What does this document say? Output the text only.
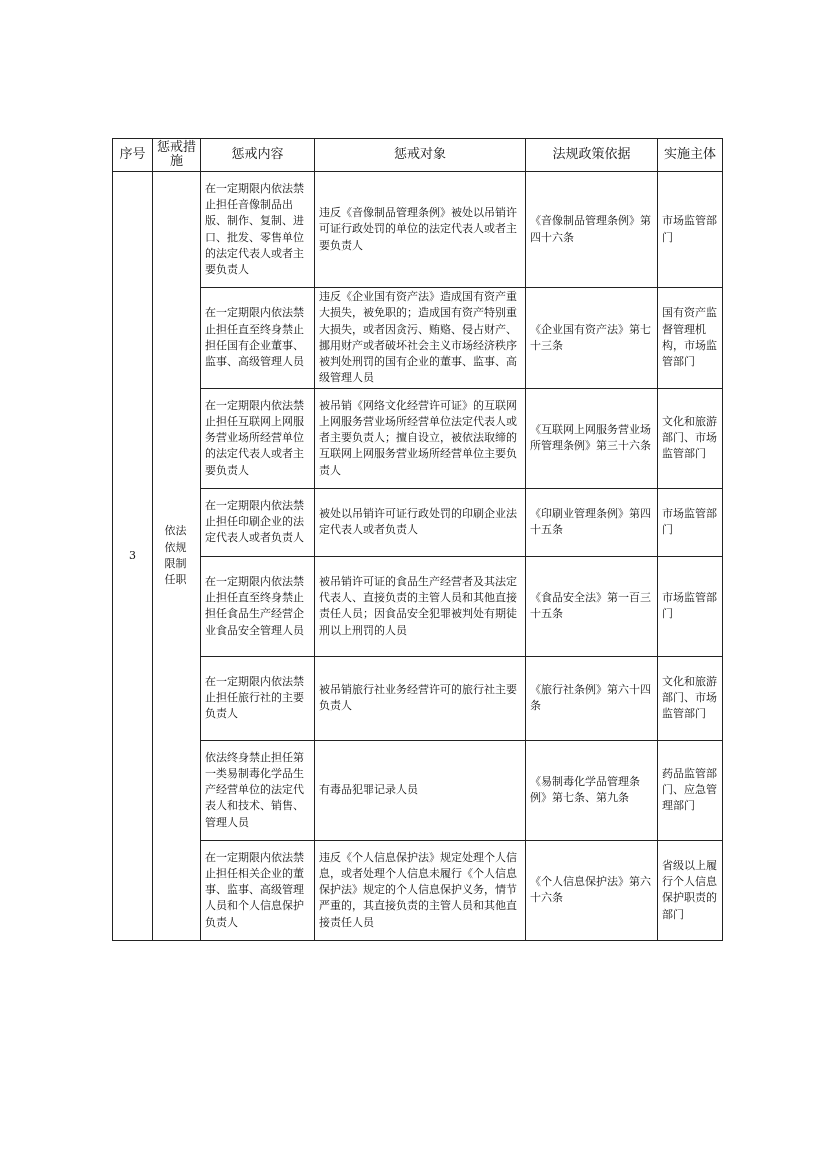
序号	惩戒措施	惩戒内容	惩戒对象	法规政策依据	实施主体
3	依法依规限制任职	在一定期限内依法禁止担任音像制品出版、制作、复制、进口、批发、零售单位的法定代表人或者主要负责人	违反《音像制品管理条例》被处以吊销许可证行政处罚的单位的法定代表人或者主要负责人	《音像制品管理条例》第四十六条	市场监管部门
		在一定期限内依法禁止担任直至终身禁止担任国有企业董事、监事、高级管理人员	违反《企业国有资产法》造成国有资产重大损失，被免职的；造成国有资产特别重大损失，或者因贪污、贿赂、侵占财产、挪用财产或者破坏社会主义市场经济秩序被判处刑罚的国有企业的董事、监事、高级管理人员	《企业国有资产法》第七十三条	国有资产监督管理机构，市场监管部门
		在一定期限内依法禁止担任互联网上网服务营业场所经营单位的法定代表人或者主要负责人	被吊销《网络文化经营许可证》的互联网上网服务营业场所经营单位法定代表人或者主要负责人；擅自设立，被依法取缔的互联网上网服务营业场所经营单位主要负责人	《互联网上网服务营业场所管理条例》第三十六条	文化和旅游部门、市场监管部门
		在一定期限内依法禁止担任印刷企业的法定代表人或者负责人	被处以吊销许可证行政处罚的印刷企业法定代表人或者负责人	《印刷业管理条例》第四十五条	市场监管部门
		在一定期限内依法禁止担任直至终身禁止担任食品生产经营企业食品安全管理人员	被吊销许可证的食品生产经营者及其法定代表人、直接负责的主管人员和其他直接责任人员；因食品安全犯罪被判处有期徒刑以上刑罚的人员	《食品安全法》第一百三十五条	市场监管部门
		在一定期限内依法禁止担任旅行社的主要负责人	被吊销旅行社业务经营许可的旅行社主要负责人	《旅行社条例》第六十四条	文化和旅游部门、市场监管部门
		依法终身禁止担任第一类易制毒化学品生产经营单位的法定代表人和技术、销售、管理人员	有毒品犯罪记录人员	《易制毒化学品管理条例》第七条、第九条	药品监管部门、应急管理部门
		在一定期限内依法禁止担任相关企业的董事、监事、高级管理人员和个人信息保护负责人	违反《个人信息保护法》规定处理个人信息，或者处理个人信息未履行《个人信息保护法》规定的个人信息保护义务，情节严重的，其直接负责的主管人员和其他直接责任人员	《个人信息保护法》第六十六条	省级以上履行个人信息保护职责的部门
